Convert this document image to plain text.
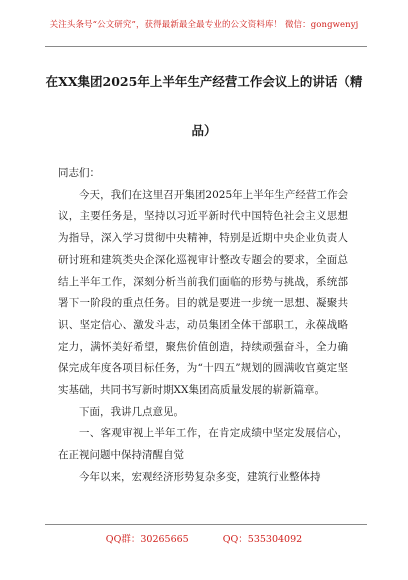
关注头条号“公文研究”，获得最新最全最专业的公文资料库！ 微信：gongwenyj
在XX集团2025年上半年生产经营工作会议上的讲话（精
品）

同志们：

今天，我们在这里召开集团2025年上半年生产经营工作会议，主要任务是，坚持以习近平新时代中国特色社会主义思想为指导，深入学习贯彻中央精神，特别是近期中央企业负责人研讨班和建筑类央企深化巡视审计整改专题会的要求，全面总结上半年工作，深刻分析当前我们面临的形势与挑战，系统部署下一阶段的重点任务。目的就是要进一步统一思想、凝聚共识、坚定信心、激发斗志，动员集团全体干部职工，永葆战略定力，满怀美好希望，聚焦价值创造，持续顽强奋斗，全力确保完成年度各项目标任务，为“十四五”规划的圆满收官奠定坚实基础，共同书写新时期XX集团高质量发展的崭新篇章。

下面，我讲几点意见。

一、客观审视上半年工作，在肯定成绩中坚定发展信心，在正视问题中保持清醒自觉

今年以来，宏观经济形势复杂多变，建筑行业整体持

QQ群：30265665	QQ：535304092
